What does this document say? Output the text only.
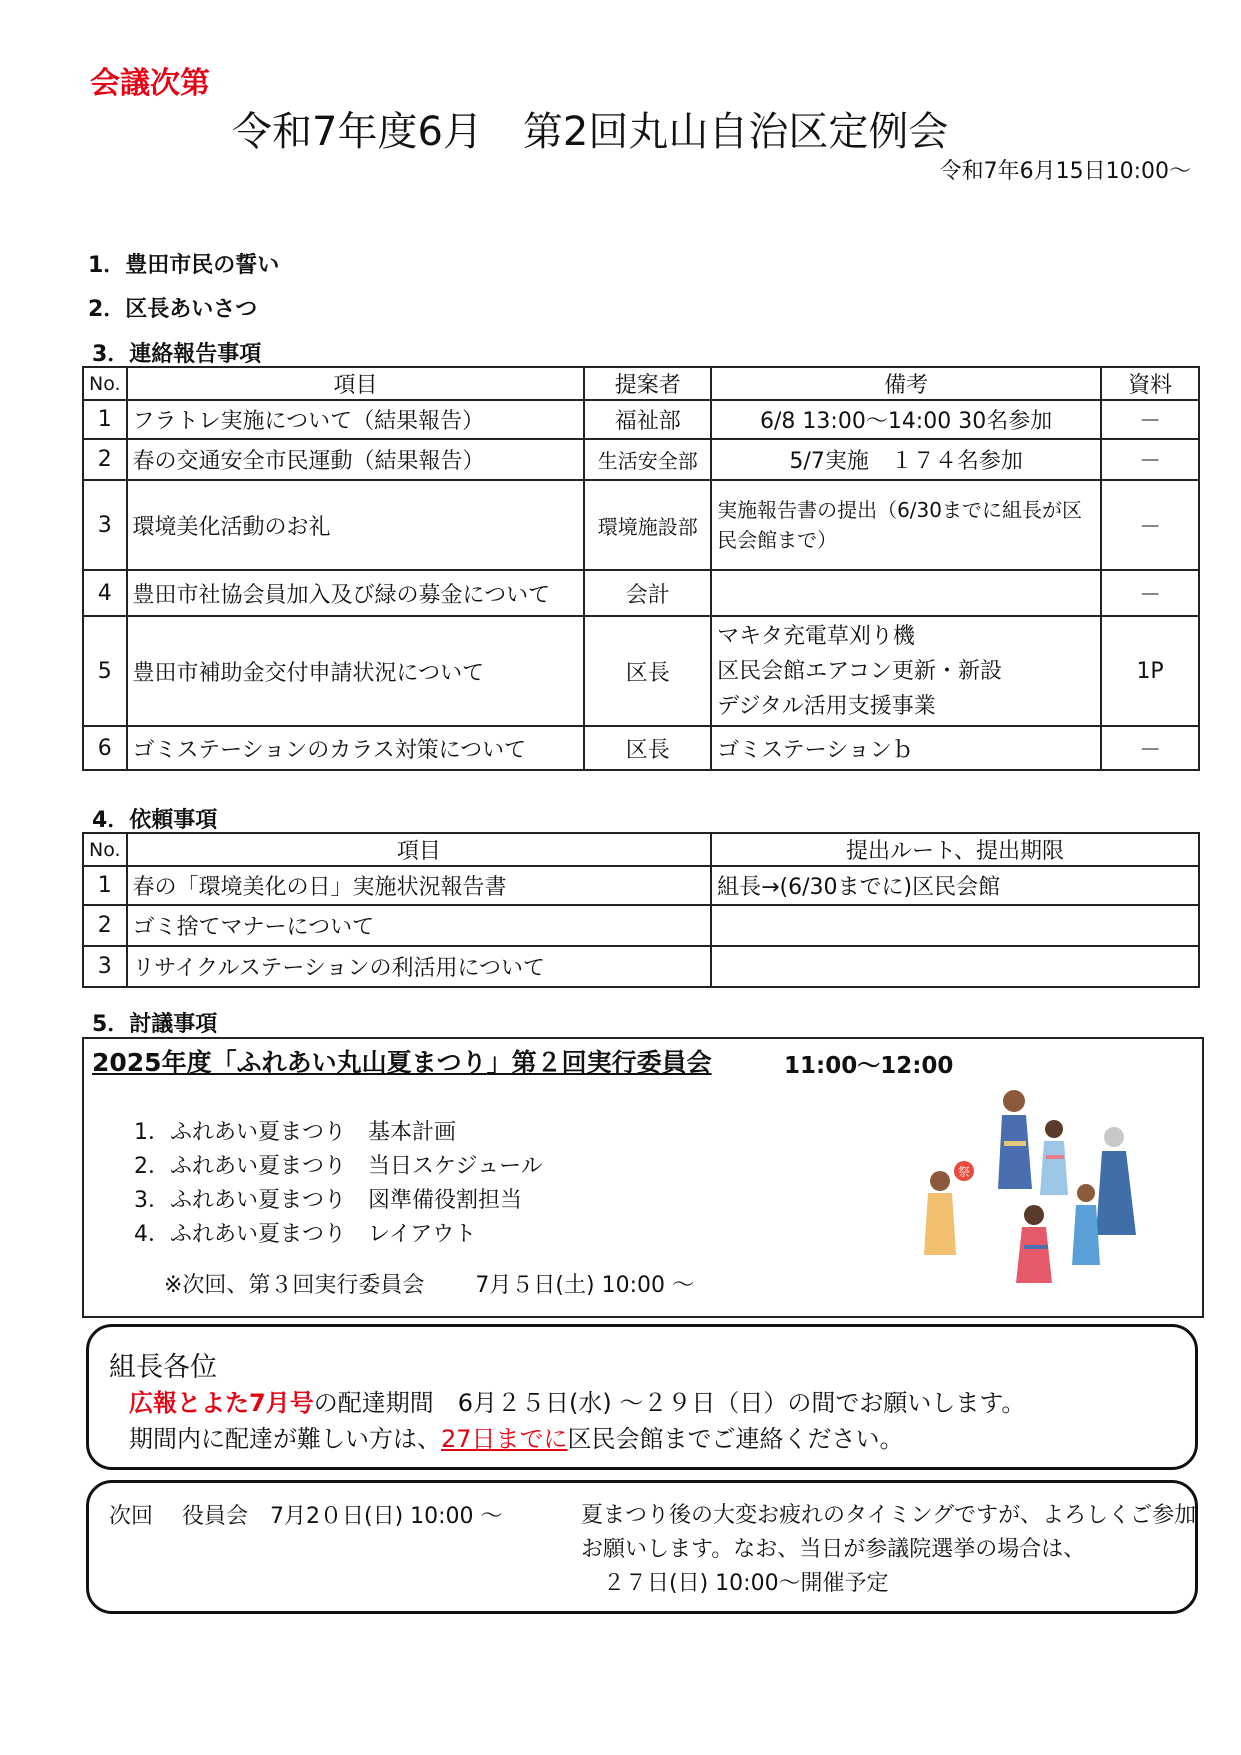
会議次第
令和7年度6月　第2回丸山自治区定例会
令和7年6月15日10:00～
1．豊田市民の誓い
2．区長あいさつ
3．連絡報告事項
No.	項目	提案者	備考	資料
1	フラトレ実施について（結果報告）	福祉部	6/8 13:00～14:00 30名参加	－
2	春の交通安全市民運動（結果報告）	生活安全部	5/7実施　１７４名参加	－
3	環境美化活動のお礼	環境施設部	実施報告書の提出（6/30までに組長が区民会館まで）	－
4	豊田市社協会員加入及び緑の募金について	会計		－
5	豊田市補助金交付申請状況について	区長	マキタ充電草刈り機
区民会館エアコン更新・新設
デジタル活用支援事業	1P
6	ゴミステーションのカラス対策について	区長	ゴミステーションｂ	－
4．依頼事項
No.	項目	提出ルート、提出期限
1	春の「環境美化の日」実施状況報告書	組長→(6/30までに)区民会館
2	ゴミ捨てマナーについて	
3	リサイクルステーションの利活用について	
5．討議事項
2025年度「ふれあい丸山夏まつり」第２回実行委員会	11:00～12:00
1．ふれあい夏まつり　基本計画
2．ふれあい夏まつり　当日スケジュール
3．ふれあい夏まつり　図準備役割担当
4．ふれあい夏まつり　レイアウト
※次回、第３回実行委員会　　 7月５日(土) 10:00 ～
祭
組長各位
広報とよた7月号の配達期間　6月２５日(水) ～２９日（日）の間でお願いします。
期間内に配達が難しい方は、27日までに区民会館までご連絡ください。
次回　 役員会　7月2０日(日) 10:00 ～	夏まつり後の大変お疲れのタイミングですが、よろしくご参加
お願いします。なお、当日が参議院選挙の場合は、
　２７日(日) 10:00～開催予定
